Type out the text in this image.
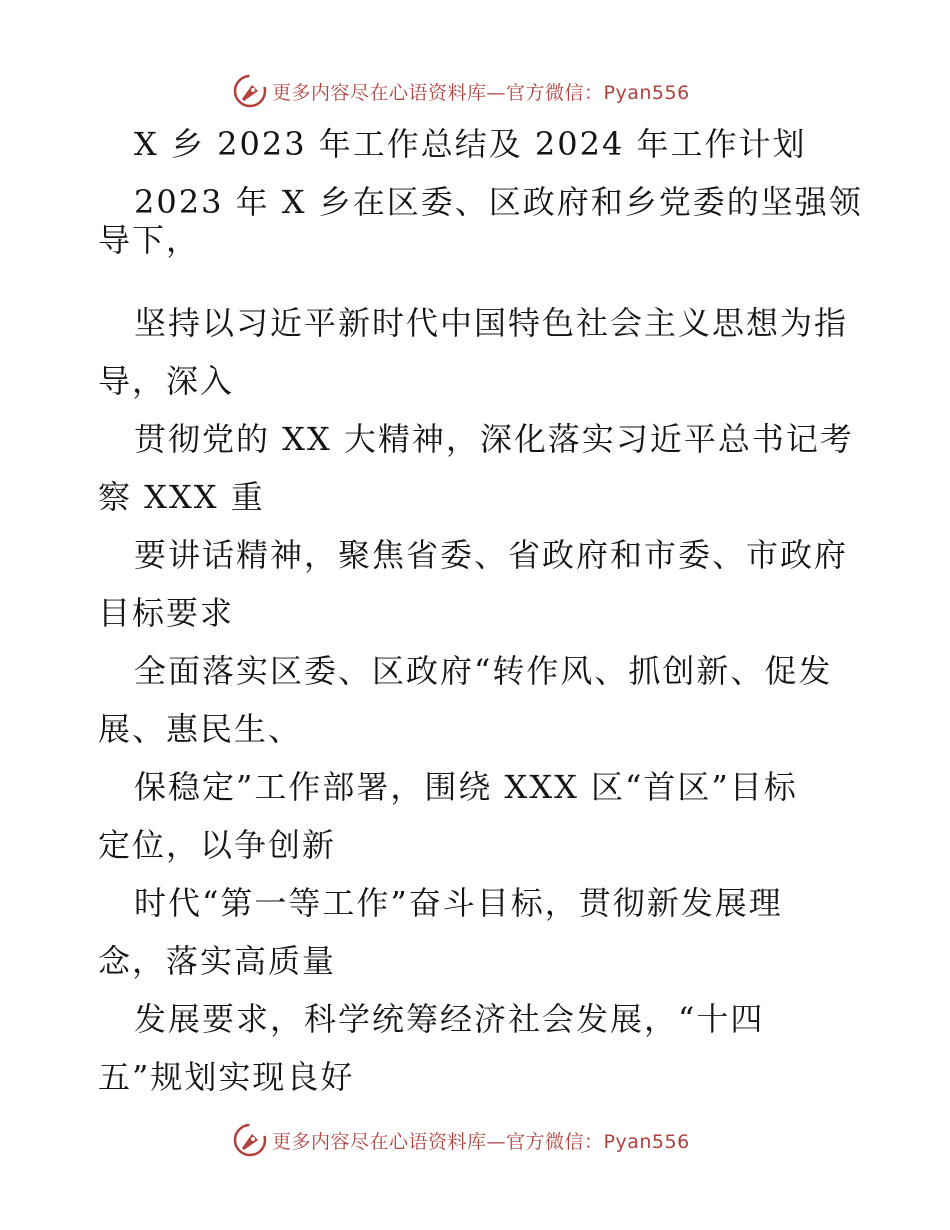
更多内容尽在心语资料库—官方微信：Pyan556
X 乡 2023 年工作总结及 2024 年工作计划
2023 年 X 乡在区委、区政府和乡党委的坚强领
导下，
坚持以习近平新时代中国特色社会主义思想为指
导，深入
贯彻党的 XX 大精神，深化落实习近平总书记考
察 XXX 重
要讲话精神，聚焦省委、省政府和市委、市政府
目标要求
全面落实区委、区政府“转作风、抓创新、促发
展、惠民生、
保稳定”工作部署，围绕 XXX 区“首区”目标
定位，以争创新
时代“第一等工作”奋斗目标，贯彻新发展理
念，落实高质量
发展要求，科学统筹经济社会发展，“十四
五”规划实现良好
更多内容尽在心语资料库—官方微信：Pyan556
